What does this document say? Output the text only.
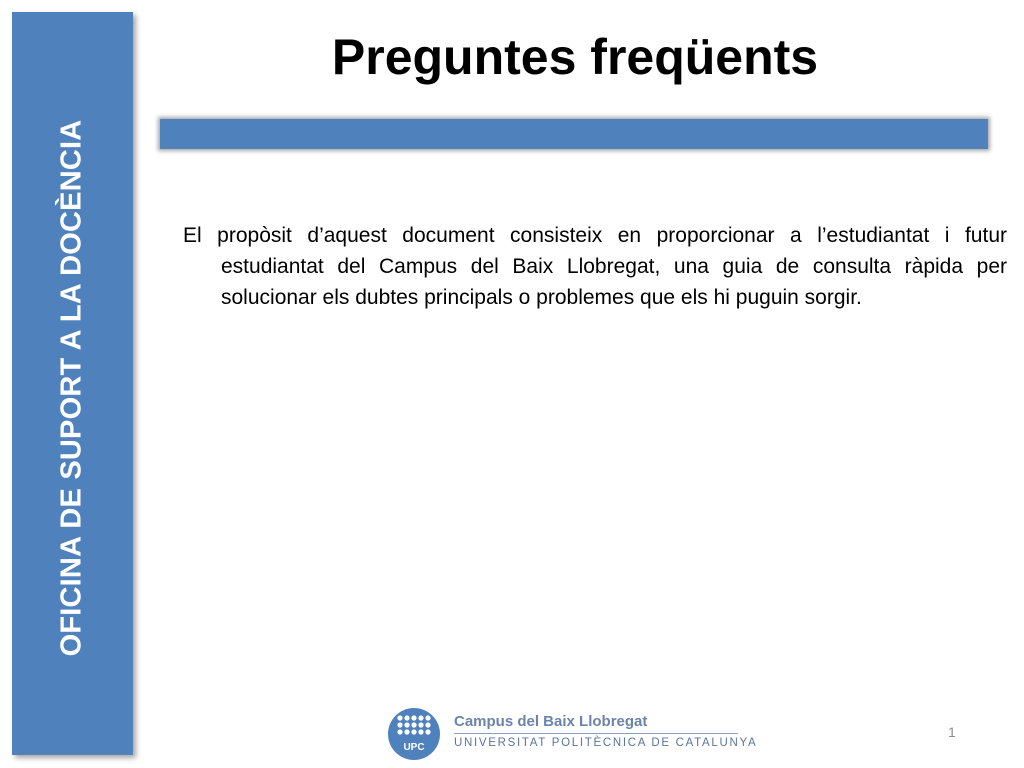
OFICINA DE SUPORT A LA DOCÈNCIA
Preguntes freqüents
El propòsit d’aquest document consisteix en proporcionar a l’estudiantat i futur estudiantat del Campus del Baix Llobregat, una guia de consulta ràpida per solucionar els dubtes principals o problemes que els hi puguin sorgir.
UPC
Campus del Baix Llobregat
UNIVERSITAT POLITÈCNICA DE CATALUNYA
1
